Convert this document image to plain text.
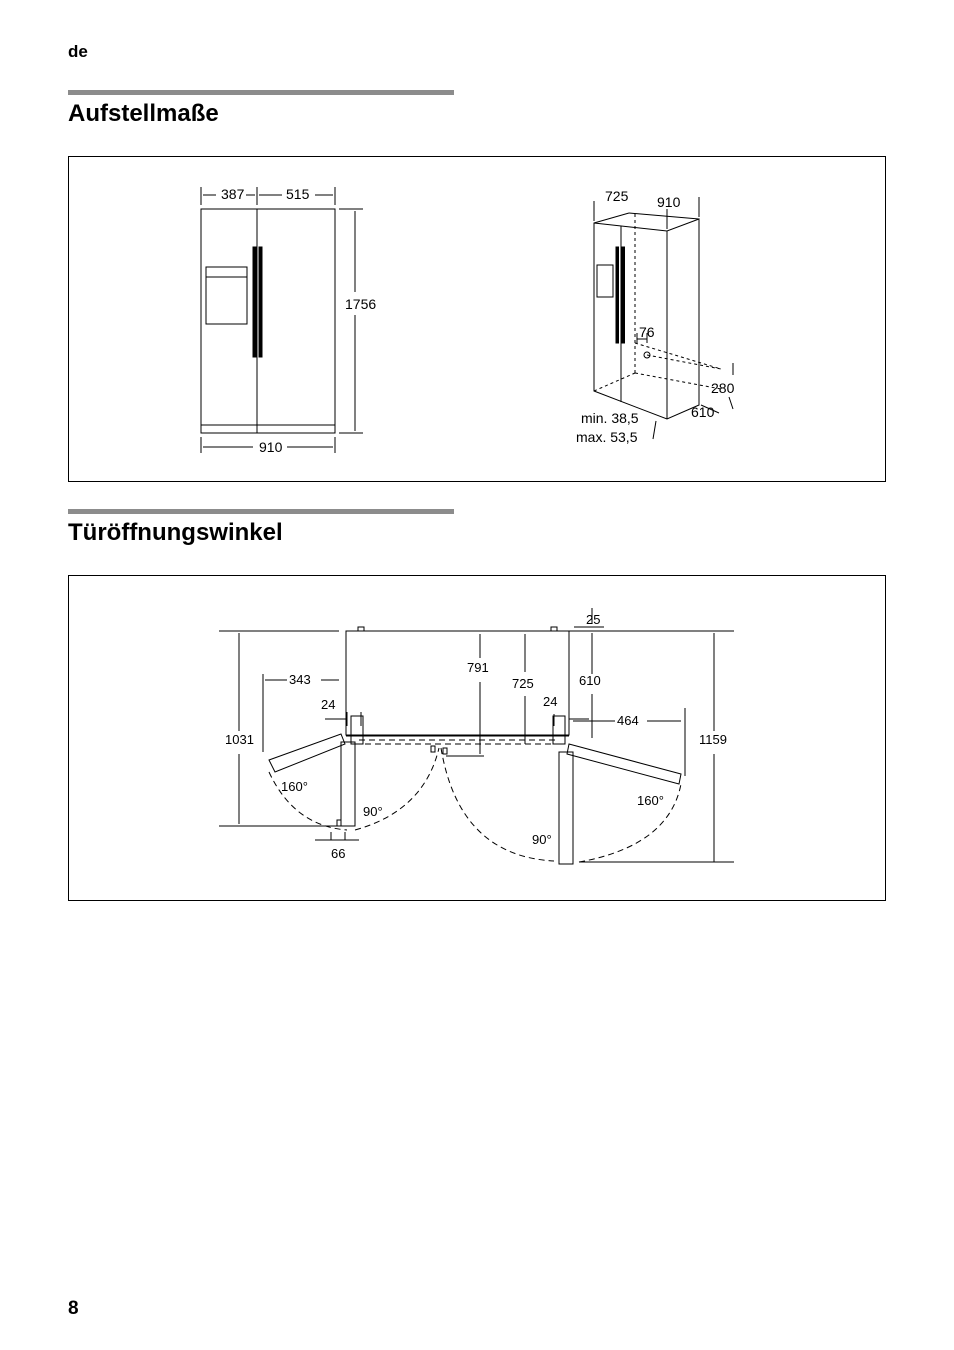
de
Aufstellmaße
387	515
1756
910
725 910
76
280
610
min. 38,5
max. 53,5
Türöffnungswinkel
25
791
725	610
343
24	24
464
1031	1159
160°
160°
90°
90°
66
8
